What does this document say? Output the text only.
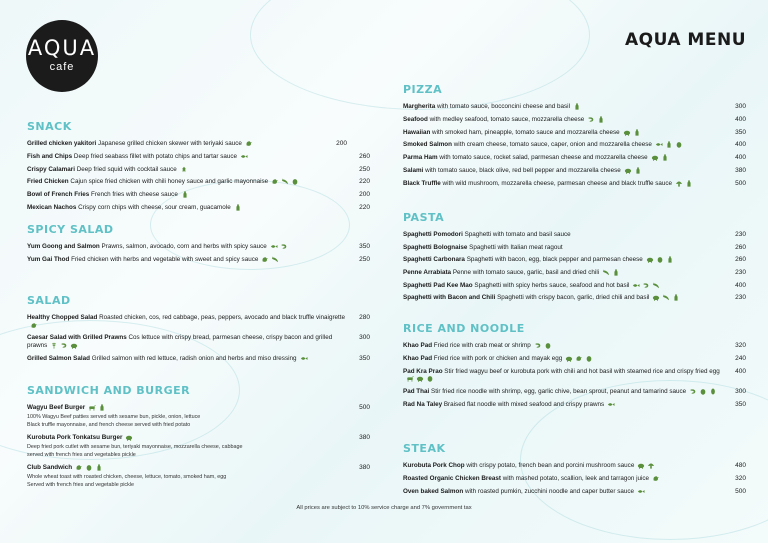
AQUA
cafe
AQUA MENU
SNACK
Grilled chicken yakitori Japanese grilled chicken skewer with teriyaki sauce	200
Fish and Chips Deep fried seabass fillet with potato chips and tartar sauce	260
Crispy Calamari Deep fried squid with cocktail sauce	250
Fried Chicken Cajun spice fried chicken with chili honey sauce and garlic mayonnaise	220
Bowl of French Fries French fries with cheese sauce	200
Mexican Nachos Crispy corn chips with cheese, sour cream, guacamole	220
SPICY SALAD
Yum Goong and Salmon Prawns, salmon, avocado, corn and herbs with spicy sauce	350
Yum Gai Thod Fried chicken with herbs and vegetable with sweet and spicy sauce	250
SALAD
Healthy Chopped Salad Roasted chicken, cos, red cabbage, peas, peppers, avocado and black truffle vinaigrette	280
Caesar Salad with Grilled Prawns Cos lettuce with crispy bread, parmesan cheese, crispy bacon and grilled prawns
300
Grilled Salmon Salad Grilled salmon with red lettuce, radish onion and herbs and miso dressing	350
SANDWICH AND BURGER
Wagyu Beef Burger
100% Wagyu Beef patties served with sesame bun, pickle, onion, lettuce
Black truffle mayonnaise, and french cheese served with fried potato
500
Kurobuta Pork Tonkatsu Burger
Deep fried pork cutlet with sesame bun, teriyaki mayonnaise, mozzarella cheese, cabbage
served with french fries and vegetables pickle
380
Club Sandwich
Whole wheat toast with roasted chicken, cheese, lettuce, tomato, smoked ham, egg
Served with french fries and vegetable pickle
380
PIZZA
Margherita with tomato sauce, bocconcini cheese and basil	300
Seafood with medley seafood, tomato sauce, mozzarella cheese	400
Hawaiian with smoked ham, pineapple, tomato sauce and mozzarella cheese	350
Smoked Salmon with cream cheese, tomato sauce, caper, onion and mozzarella cheese	400
Parma Ham with tomato sauce, rocket salad, parmesan cheese and mozzarella cheese	400
Salami with tomato sauce, black olive, red bell pepper and mozzarella cheese	380
Black Truffle with wild mushroom, mozzarella cheese, parmesan cheese and black truffle sauce	500
PASTA
Spaghetti Pomodori Spaghetti with tomato and basil sauce	230
Spaghetti Bolognaise Spaghetti with Italian meat ragout	260
Spaghetti Carbonara Spaghetti with bacon, egg, black pepper and parmesan cheese	260
Penne Arrabiata Penne with tomato sauce, garlic, basil and dried chili	230
Spaghetti Pad Kee Mao Spaghetti with spicy herbs sauce, seafood and hot basil	400
Spaghetti with Bacon and Chili Spaghetti with crispy bacon, garlic, dried chili and basil	230
RICE AND NOODLE
Khao Pad Fried rice with crab meat or shrimp	320
Khao Pad Fried rice with pork or chicken and mayak egg	240
Pad Kra Prao Stir fried wagyu beef or kurobuta pork with chili and hot basil with steamed rice and crispy fried egg	400
Pad Thai Stir fried rice noodle with shrimp, egg, garlic chive, bean sprout, peanut and tamarind sauce	300
Rad Na Taley Braised flat noodle with mixed seafood and crispy prawns	350
STEAK
Kurobuta Pork Chop with crispy potato, french bean and porcini mushroom sauce	480
Roasted Organic Chicken Breast with mashed potato, scallion, leek and tarragon juice	320
Oven baked Salmon with roasted pumkin, zucchini noodle and caper butter sauce	500
All prices are subject to 10% service charge and 7% government tax
